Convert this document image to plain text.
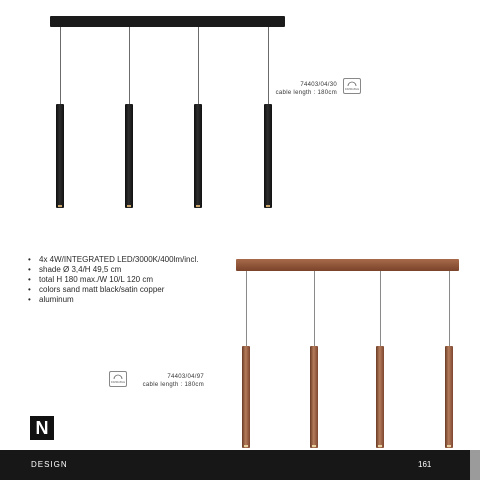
74403/04/30
cable length : 180cm
DIMMABLE
• 4x 4W/INTEGRATED LED/3000K/400lm/incl.
• shade Ø 3,4/H 49,5 cm
• total H 180 max./W 10/L 120 cm
• colors sand matt black/satin copper
• aluminum
DIMMABLE
74403/04/97
cable length : 180cm
N
DESIGN	161
